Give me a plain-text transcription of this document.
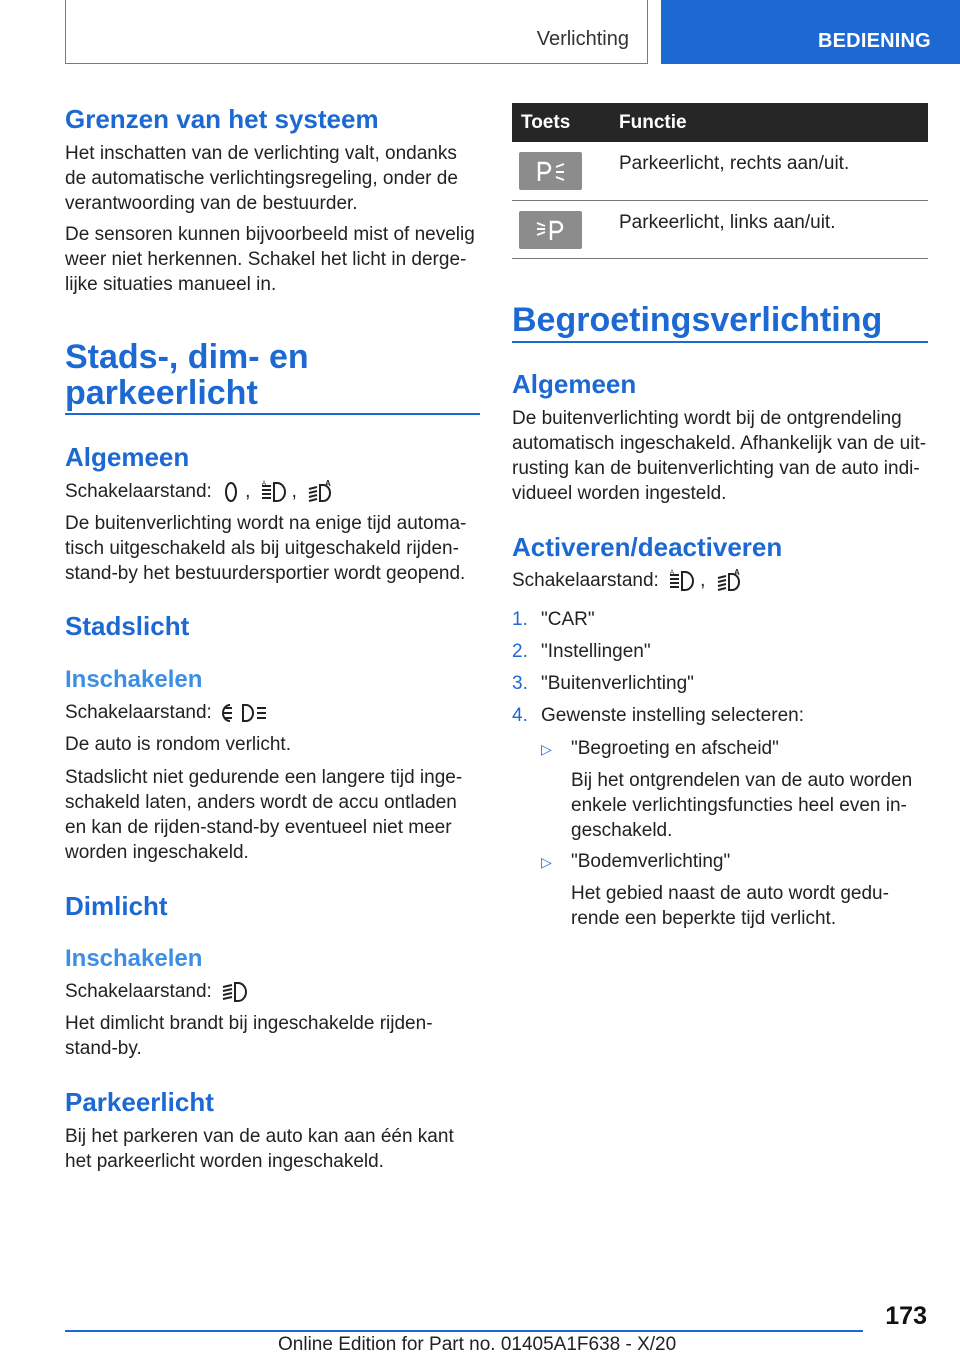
Verlichting	BEDIENING
Grenzen van het systeem
Het inschatten van de verlichting valt, ondanks de automatische verlichtingsregeling, onder de verantwoording van de bestuurder.
De sensoren kunnen bijvoorbeeld mist of nevelig weer niet herkennen. Schakel het licht in derge-lijke situaties manueel in.
Stads-, dim- en
parkeerlicht
Algemeen
Schakelaarstand: , ,
De buitenverlichting wordt na enige tijd automa-tisch uitgeschakeld als bij uitgeschakeld rijden-stand-by het bestuurdersportier wordt geopend.
Stadslicht
Inschakelen
Schakelaarstand:
De auto is rondom verlicht.
Stadslicht niet gedurende een langere tijd inge-schakeld laten, anders wordt de accu ontladen en kan de rijden-stand-by eventueel niet meer worden ingeschakeld.
Dimlicht
Inschakelen
Schakelaarstand:
Het dimlicht brandt bij ingeschakelde rijden-stand-by.
Parkeerlicht
Bij het parkeren van de auto kan aan één kant het parkeerlicht worden ingeschakeld.
Toets	Functie

	Parkeerlicht, rechts aan/uit.

	Parkeerlicht, links aan/uit.
Begroetingsverlichting
Algemeen
De buitenverlichting wordt bij de ontgrendeling automatisch ingeschakeld. Afhankelijk van de uit-rusting kan de buitenverlichting van de auto indi-vidueel worden ingesteld.
Activeren/deactiveren
Schakelaarstand: ,
1. "CAR"
2. "Instellingen"
3. "Buitenverlichting"
4. Gewenste instelling selecteren:
▷ "Begroeting en afscheid"
Bij het ontgrendelen van de auto worden enkele verlichtingsfuncties heel even in-geschakeld.
▷ "Bodemverlichting"
Het gebied naast de auto wordt gedu-rende een beperkte tijd verlicht.
173
Online Edition for Part no. 01405A1F638 - X/20
